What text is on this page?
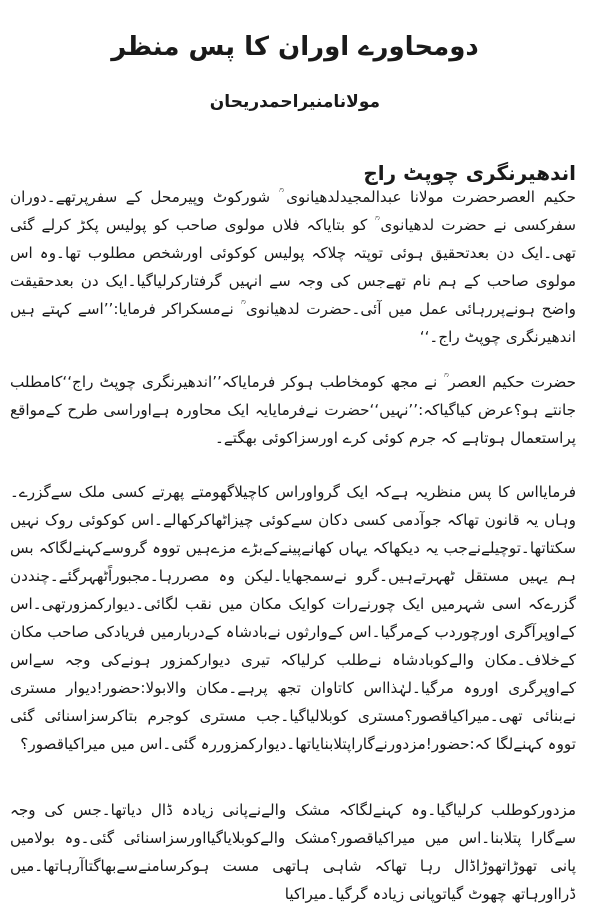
دومحاورے اوران کا پس منظر
مولانامنیراحمدریحان
اندھیرنگری چوپٹ راج

حکیم العصرحضرت مولانا عبدالمجیدلدھیانوی ؒ شورکوٹ وپیرمحل کے سفرپرتھے۔دوران سفرکسی نے حضرت لدھیانوی ؒ کو بتایاکہ فلاں مولوی صاحب کو پولیس پکڑ کرلے گئی تھی۔ایک دن بعدتحقیق ہوئی توپتہ چلاکہ پولیس کوکوئی اورشخص مطلوب تھا۔وہ اس مولوی صاحب کے ہم نام تھےجس کی وجہ سے انہیں گرفتارکرلیاگیا۔ایک دن بعدحقیقت واضح ہونےپررہائی عمل میں آئی۔حضرت لدھیانوی ؒ نےمسکراکر فرمایا:’’اسے کہتے ہیں اندھیرنگری چوپٹ راج۔‘‘

حضرت حکیم العصر ؒ نے مجھ کومخاطب ہوکر فرمایاکہ’’اندھیرنگری چوپٹ راج‘‘کامطلب جانتے ہو؟عرض کیاگیاکہ:’’نہیں‘‘حضرت نےفرمایایہ ایک محاورہ ہےاوراسی طرح کےمواقع پراستعمال ہوتاہے کہ جرم کوئی کرے اورسزاکوئی بھگتے۔

فرمایااس کا پس منظریہ ہےکہ ایک گرواوراس کاچیلاگھومتے پھرتے کسی ملک سےگزرے۔وہاں یہ قانون تھاکہ جوآدمی کسی دکان سےکوئی چیزاٹھاکرکھالے۔اس کوکوئی روک نہیں سکتاتھا۔توچیلےنےجب یہ دیکھاکہ یہاں کھانےپینےکےبڑے مزےہیں تووہ گروسےکہنےلگاکہ بس ہم یہیں مستقل ٹھہرتےہیں۔گرو نےسمجھایا۔لیکن وہ مصررہا۔مجبوراًٹھہرگئے۔چنددن گزرےکہ اسی شہرمیں ایک چورنےرات کوایک مکان میں نقب لگائی۔دیوارکمزورتھی۔اس کےاوپرآگری اورچوردب کےمرگیا۔اس کےوارثوں نےبادشاہ کےدربارمیں فریادکی صاحب مکان کےخلاف۔مکان والےکوبادشاہ نےطلب کرلیاکہ تیری دیوارکمزور ہونےکی وجہ سےاس کےاوپرگری اوروہ مرگیا۔لہٰذااس کاتاوان تجھ پرہے۔مکان والابولا:حضور!دیوار مستری نےبنائی تھی۔میراکیاقصور؟مستری کوبلالیاگیا۔جب مستری کوجرم بتاکرسزاسنائی گئی تووہ کہنےلگا کہ:حضور!مزدورنےگاراپتلابنایاتھا۔دیوارکمزوررہ گئی۔اس میں میراکیاقصور؟

مزدورکوطلب کرلیاگیا۔وہ کہنےلگاکہ مشک والےنےپانی زیادہ ڈال دیاتھا۔جس کی وجہ سےگارا پتلابنا۔اس میں میراکیاقصور؟مشک والےکوبلایاگیااورسزاسنائی گئی۔وہ بولامیں پانی تھوڑاتھوڑاڈال رہا تھاکہ شاہی ہاتھی مست ہوکرسامنےسےبھاگتاآرہاتھا۔میں ڈرااورہاتھ چھوٹ گیاتوپانی زیادہ گرگیا۔میراکیا
